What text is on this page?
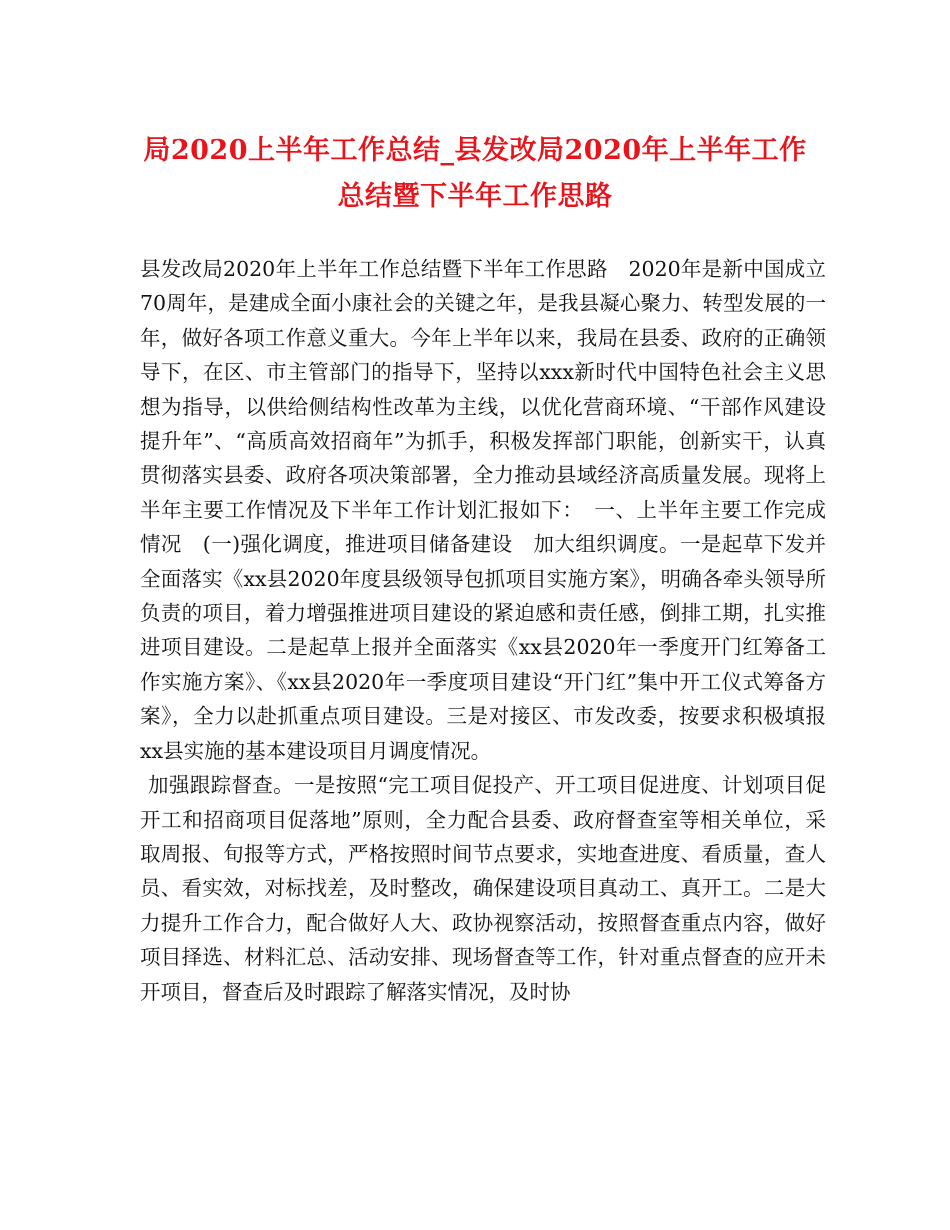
局2020上半年工作总结_县发改局2020年上半年工作
总结暨下半年工作思路

县发改局2020年上半年工作总结暨下半年工作思路　2020年是新中国成立70周年，是建成全面小康社会的关键之年，是我县凝心聚力、转型发展的一年，做好各项工作意义重大。今年上半年以来，我局在县委、政府的正确领导下，在区、市主管部门的指导下，坚持以xxx新时代中国特色社会主义思想为指导，以供给侧结构性改革为主线，以优化营商环境、“干部作风建设提升年”、“高质高效招商年”为抓手，积极发挥部门职能，创新实干，认真贯彻落实县委、政府各项决策部署，全力推动县域经济高质量发展。现将上半年主要工作情况及下半年工作计划汇报如下：　一、上半年主要工作完成情况　(一)强化调度，推进项目储备建设　加大组织调度。一是起草下发并全面落实《xx县2020年度县级领导包抓项目实施方案》，明确各牵头领导所负责的项目，着力增强推进项目建设的紧迫感和责任感，倒排工期，扎实推进项目建设。二是起草上报并全面落实《xx县2020年一季度开门红筹备工作实施方案》、《xx县2020年一季度项目建设“开门红”集中开工仪式筹备方案》，全力以赴抓重点项目建设。三是对接区、市发改委，按要求积极填报xx县实施的基本建设项目月调度情况。

加强跟踪督查。一是按照“完工项目促投产、开工项目促进度、计划项目促开工和招商项目促落地”原则，全力配合县委、政府督查室等相关单位，采取周报、旬报等方式，严格按照时间节点要求，实地查进度、看质量，查人员、看实效，对标找差，及时整改，确保建设项目真动工、真开工。二是大力提升工作合力，配合做好人大、政协视察活动，按照督查重点内容，做好项目择选、材料汇总、活动安排、现场督查等工作，针对重点督查的应开未开项目，督查后及时跟踪了解落实情况，及时协
